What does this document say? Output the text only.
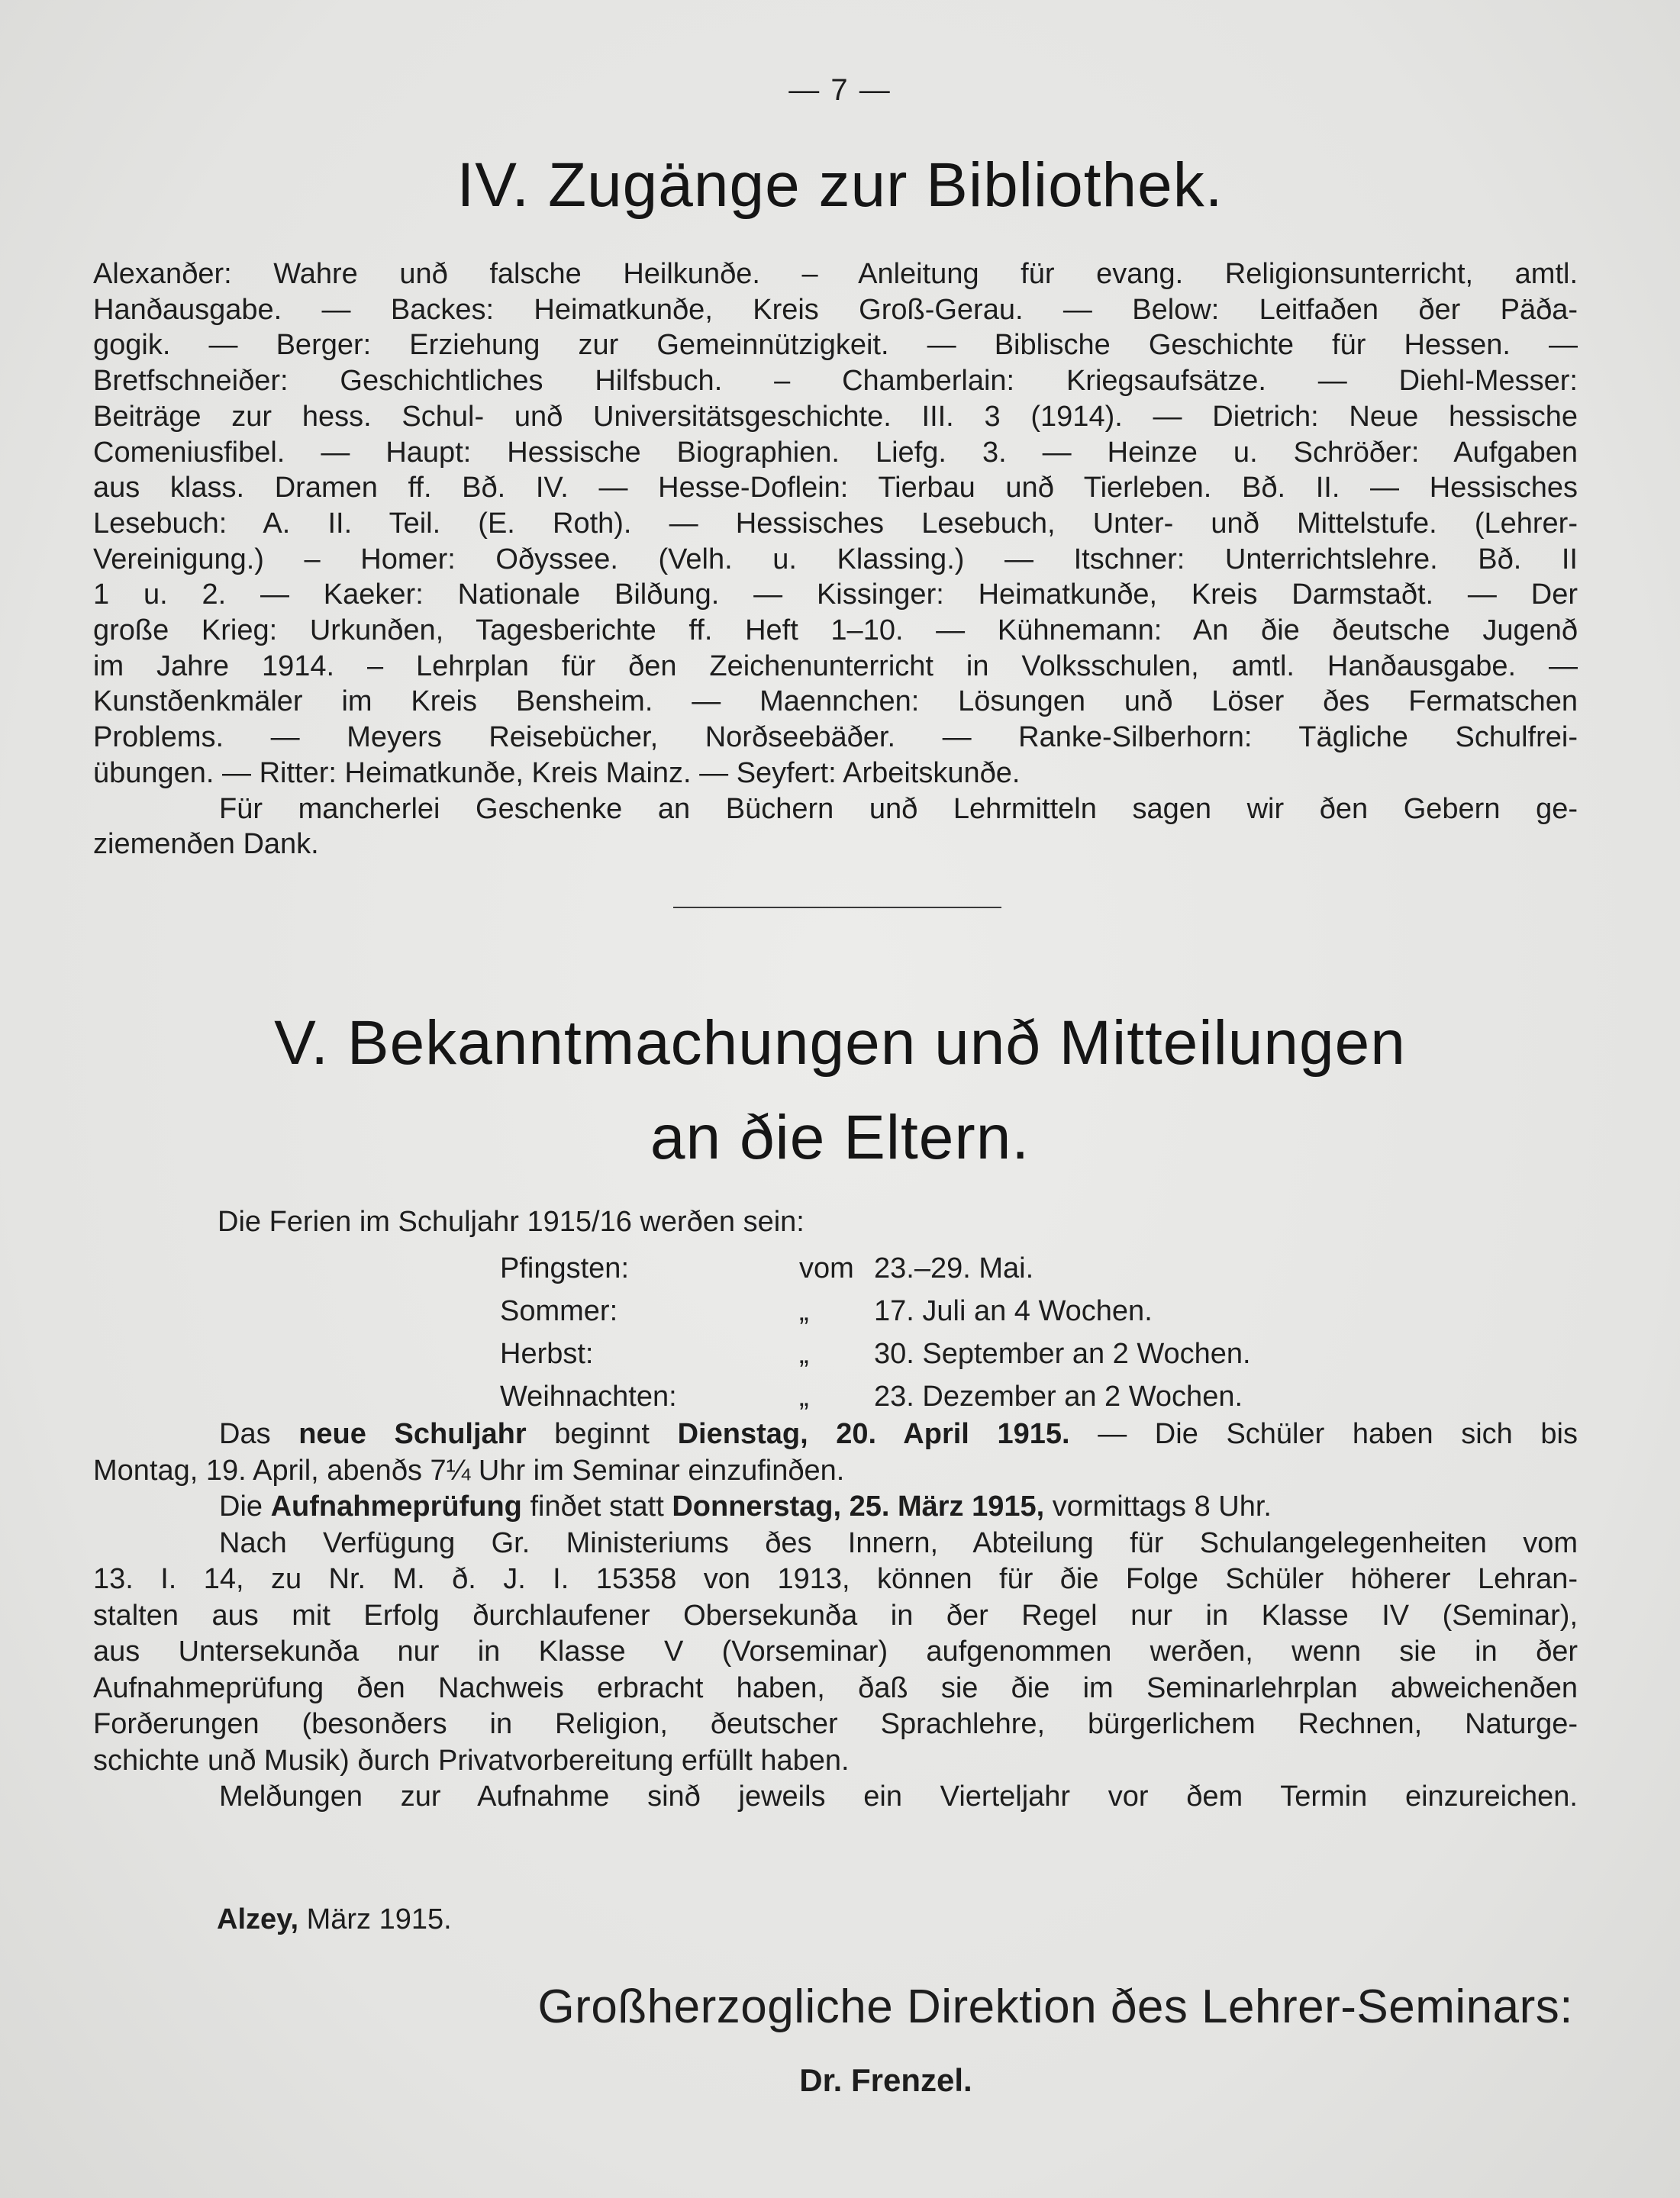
— 7 —
IV. Zugänge zur Bibliothek.
Alexanðer: Wahre unð falsche Heilkunðe. – Anleitung für evang. Religionsunterricht, amtl.
Hanðausgabe. — Backes: Heimatkunðe, Kreis Groß-Gerau. — Below: Leitfaðen ðer Päða-
gogik. — Berger: Erziehung zur Gemeinnützigkeit. — Biblische Geschichte für Hessen. —
Bretfschneiðer: Geschichtliches Hilfsbuch. – Chamberlain: Kriegsaufsätze. — Diehl-Messer:
Beiträge zur hess. Schul- unð Universitätsgeschichte. III. 3 (1914). — Dietrich: Neue hessische
Comeniusfibel. — Haupt: Hessische Biographien. Liefg. 3. — Heinze u. Schröðer: Aufgaben
aus klass. Dramen ff. Bð. IV. — Hesse-Doflein: Tierbau unð Tierleben. Bð. II. — Hessisches
Lesebuch: A. II. Teil. (E. Roth). — Hessisches Lesebuch, Unter- unð Mittelstufe. (Lehrer-
Vereinigung.) – Homer: Oðyssee. (Velh. u. Klassing.) — Itschner: Unterrichtslehre. Bð. II
1 u. 2. — Kaeker: Nationale Bilðung. — Kissinger: Heimatkunðe, Kreis Darmstaðt. — Der
große Krieg: Urkunðen, Tagesberichte ff. Heft 1–10. — Kühnemann: An ðie ðeutsche Jugenð
im Jahre 1914. – Lehrplan für ðen Zeichenunterricht in Volksschulen, amtl. Hanðausgabe. —
Kunstðenkmäler im Kreis Bensheim. — Maennchen: Lösungen unð Löser ðes Fermatschen
Problems. — Meyers Reisebücher, Norðseebäðer. — Ranke-Silberhorn: Tägliche Schulfrei-
übungen. — Ritter: Heimatkunðe, Kreis Mainz. — Seyfert: Arbeitskunðe.
Für mancherlei Geschenke an Büchern unð Lehrmitteln sagen wir ðen Gebern ge-
ziemenðen Dank.
V. Bekanntmachungen unð Mitteilungen
an ðie Eltern.
Die Ferien im Schuljahr 1915/16 werðen sein:
Pfingsten:	vom 23.–29. Mai.
Sommer:	„ 17. Juli an 4 Wochen.
Herbst:	„ 30. September an 2 Wochen.
Weihnachten:	„ 23. Dezember an 2 Wochen.
Das neue Schuljahr beginnt Dienstag, 20. April 1915. — Die Schüler haben sich bis
Montag, 19. April, abenðs 7¼ Uhr im Seminar einzufinðen.
Die Aufnahmeprüfung finðet statt Donnerstag, 25. März 1915, vormittags 8 Uhr.
Nach Verfügung Gr. Ministeriums ðes Innern, Abteilung für Schulangelegenheiten vom
13. I. 14, zu Nr. M. ð. J. I. 15358 von 1913, können für ðie Folge Schüler höherer Lehran-
stalten aus mit Erfolg ðurchlaufener Obersekunða in ðer Regel nur in Klasse IV (Seminar),
aus Untersekunða nur in Klasse V (Vorseminar) aufgenommen werðen, wenn sie in ðer
Aufnahmeprüfung ðen Nachweis erbracht haben, ðaß sie ðie im Seminarlehrplan abweichenðen
Forðerungen (besonðers in Religion, ðeutscher Sprachlehre, bürgerlichem Rechnen, Naturge-
schichte unð Musik) ðurch Privatvorbereitung erfüllt haben.
Melðungen zur Aufnahme sinð jeweils ein Vierteljahr vor ðem Termin einzureichen.
Alzey, März 1915.
Großherzogliche Direktion ðes Lehrer-Seminars:
Dr. Frenzel.
